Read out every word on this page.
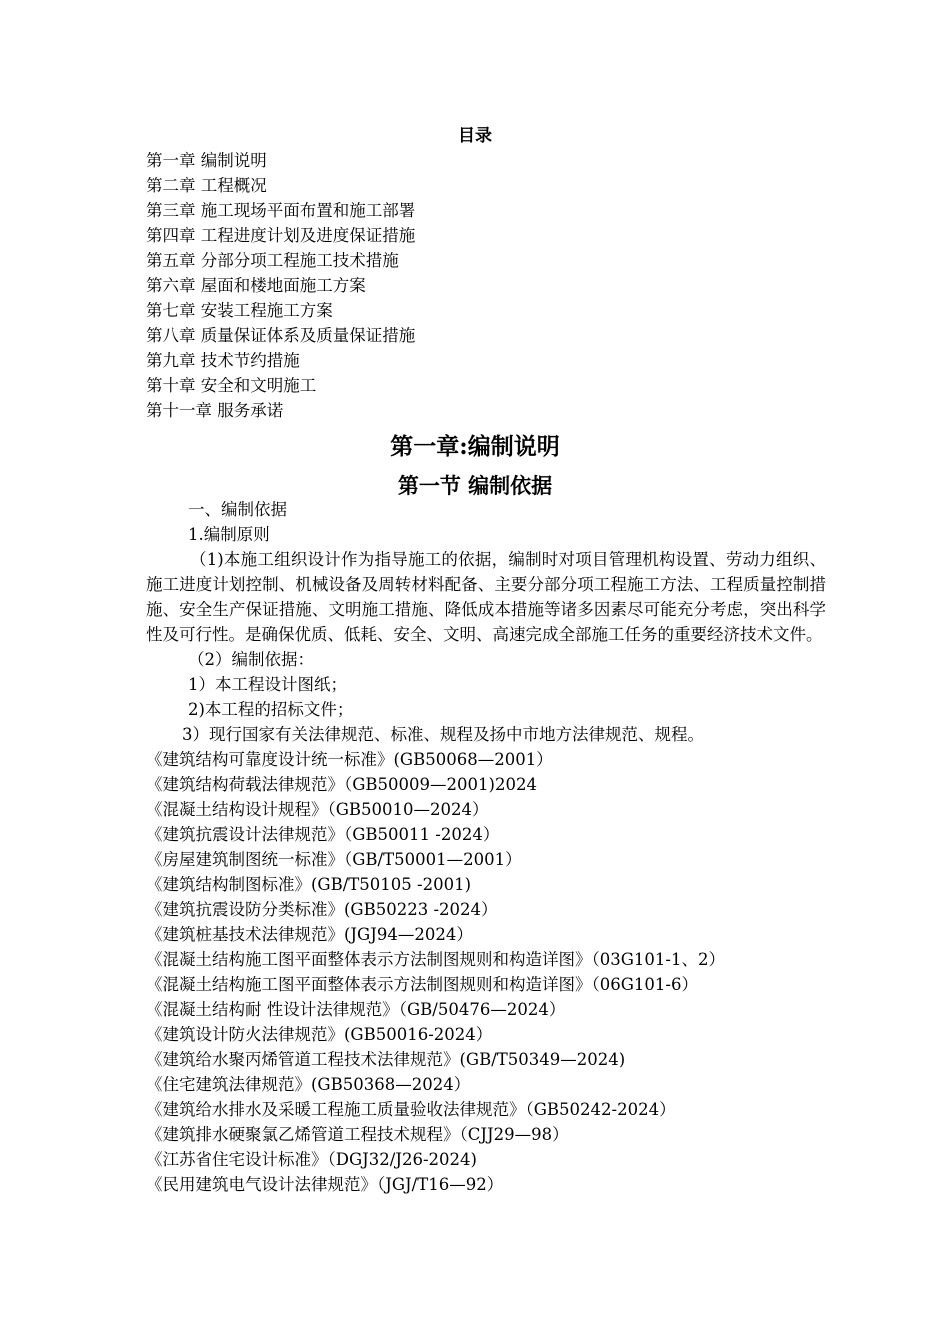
目录
第一章 编制说明
第二章 工程概况
第三章 施工现场平面布置和施工部署
第四章 工程进度计划及进度保证措施
第五章 分部分项工程施工技术措施
第六章 屋面和楼地面施工方案
第七章 安装工程施工方案
第八章 质量保证体系及质量保证措施
第九章 技术节约措施
第十章 安全和文明施工
第十一章 服务承诺
第一章:编制说明
第一节 编制依据
一、编制依据
1.编制原则

（1)本施工组织设计作为指导施工的依据，编制时对项目管理机构设置、劳动力组织、施工进度计划控制、机械设备及周转材料配备、主要分部分项工程施工方法、工程质量控制措施、安全生产保证措施、文明施工措施、降低成本措施等诸多因素尽可能充分考虑，突出科学性及可行性。是确保优质、低耗、安全、文明、高速完成全部施工任务的重要经济技术文件。

（2）编制依据：
1）本工程设计图纸；
2)本工程的招标文件；
3）现行国家有关法律规范、标准、规程及扬中市地方法律规范、规程。
《建筑结构可靠度设计统一标准》(GB50068—2001）
《建筑结构荷载法律规范》（GB50009—2001)2024
《混凝土结构设计规程》（GB50010—2024）
《建筑抗震设计法律规范》（GB50011 -2024）
《房屋建筑制图统一标准》（GB/T50001—2001）
《建筑结构制图标准》(GB/T50105 -2001)
《建筑抗震设防分类标准》(GB50223 -2024）
《建筑桩基技术法律规范》(JGJ94—2024）
《混凝土结构施工图平面整体表示方法制图规则和构造详图》（03G101-1、2）
《混凝土结构施工图平面整体表示方法制图规则和构造详图》（06G101-6）
《混凝土结构耐 性设计法律规范》（GB/50476—2024）
《建筑设计防火法律规范》(GB50016-2024）
《建筑给水聚丙烯管道工程技术法律规范》(GB/T50349—2024)
《住宅建筑法律规范》(GB50368—2024）
《建筑给水排水及采暖工程施工质量验收法律规范》（GB50242-2024）
《建筑排水硬聚氯乙烯管道工程技术规程》（CJJ29—98）
《江苏省住宅设计标准》（DGJ32/J26-2024)
《民用建筑电气设计法律规范》（JGJ/T16—92）
